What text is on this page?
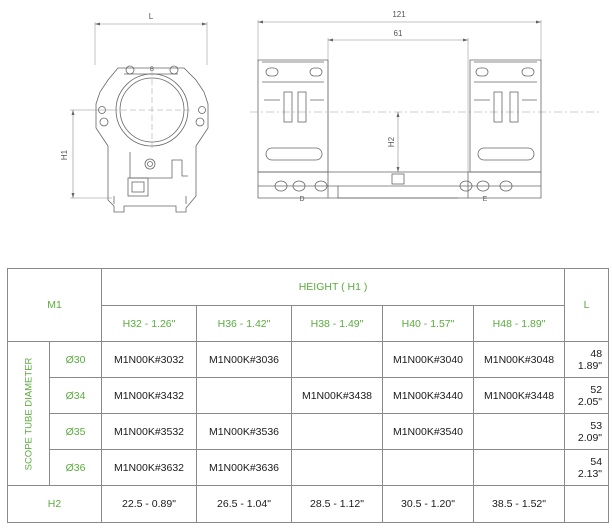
L	121
61
H1
H2
B
D	E
M1		HEIGHT ( H1 )					L
		H32 - 1.26"	H36 - 1.42"	H38 - 1.49"	H40 - 1.57"	H48 - 1.89"	

SCOPE TUBE DIAMETER	Ø30	M1N00K#3032	M1N00K#3036		M1N00K#3040	M1N00K#3048	48
1.89"

	Ø34	M1N00K#3432		M1N00K#3438	M1N00K#3440	M1N00K#3448	52
2.05"

	Ø35	M1N00K#3532	M1N00K#3536		M1N00K#3540		53
2.09"

	Ø36	M1N00K#3632	M1N00K#3636				54
2.13"

H2		22.5 - 0.89"	26.5 - 1.04"	28.5 - 1.12"	30.5 - 1.20"	38.5 - 1.52"	
